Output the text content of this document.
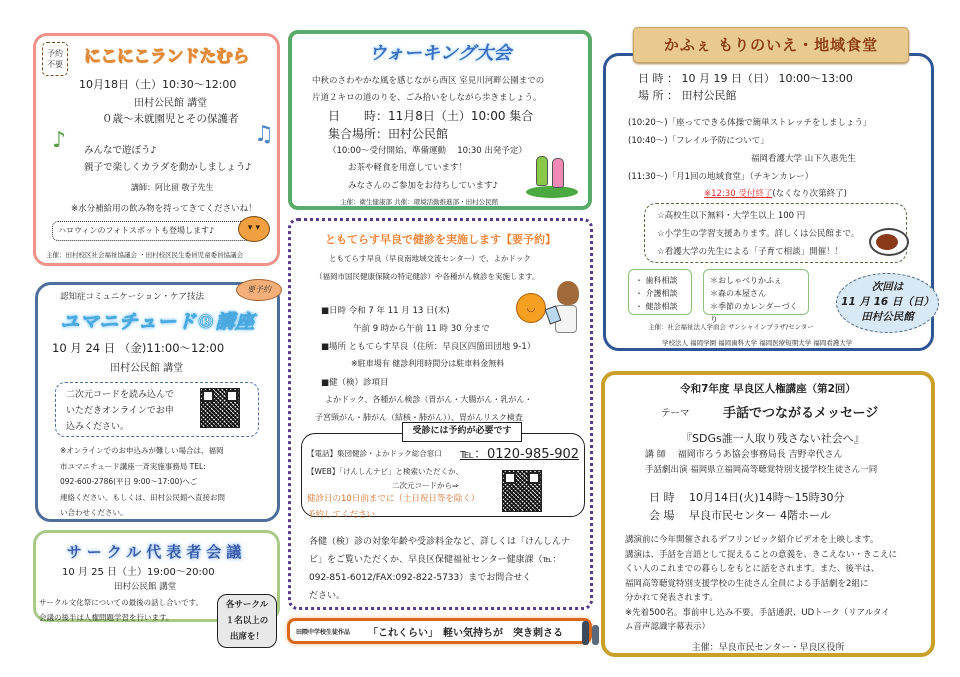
予約
不要 にこにこランドたむら
10月18日（土）10:30～12:00
田村公民館 講堂
０歳～未就園児とその保護者
♪	♫
みんなで遊ぼう♪
親子で楽しくカラダを動かしましょう♪
講師：阿比留 敬子先生
※水分補給用の飲み物を持ってきてくださいね！
ハロウィンのフォトスポットも登場します♪	▾ ▾
主催：田村校区社会福祉協議会 ・田村校区民生委員児童委員協議会
ウォーキング大会
中秋のさわやかな風を感じながら西区 室見川河畔公園までの
片道２キロの道のりを、ごみ拾いをしながら歩きましょう。
日　　時：11月8日（土）10:00 集合
集合場所：田村公民館
（10:00～受付開始、準備運動　 10:30 出発予定）
お茶や軽食を用意しています！
みなさんのご参加をお待ちしています♪
主催：衛生健康部 共催：環境活動推進部・田村公民館
日 時 ： 10 月 19 日（日） 10:00～13:00
場 所 ： 田村公民館
(10:20～)「座ってできる体操で簡単ストレッチをしましょう」
(10:40～)「フレイル予防について」
福岡看護大学 山下久恵先生
(11:30～)「月1回の地域食堂」（チキンカレー）
※12:30 受付終了(なくなり次第終了)
☆高校生以下無料・大学生以上 100 円
☆小学生の学習支援あります。詳しくは公民館まで。
☆看護大学の先生による「子育て相談」開催！！
・ 歯科相談
・ 介護相談
・ 健診相談
＊おしゃべりかふぇ
＊森の本屋さん
＊季節のカレンダーづくり
主催：社会福祉法人学而会 サンシャインプラザ/センター
学校法人 福岡学園 福岡歯科大学 福岡医療短期大学 福岡看護大学
かふぇ もりのいえ・地域食堂
次回は
11 月 16 日（日）
田村公民館
認知症コミュニケーション・ケア技法
ユマニチュード®講座
10 月 24 日 （金)11:00～12:00
田村公民館 講堂
二次元コードを読み込んで
いただきオンラインでお申
込みください。
※オンラインでのお申込みが難しい場合は、福岡
市ユマニチュード講座一斉実施事務局 TEL:
092-600-2786(平日 9:00～17:00)へご
連絡ください。もしくは、田村公民館へ直接お問
い合わせください。
要予約
サークル代表者会議
10 月 25 日（土）19:00～20:00
田村公民館 講堂
サークル文化祭についての最後の話し合いです。
会議の後半は人権問題学習を行います。
各サークル
１名以上の
出席を！
ともてらす早良で健診を実施します【要予約】
ともてらす早良（早良南地域交流センター）で、よかドック
（福岡市国民健康保険の特定健診）や各種がん検診を実施します。
■日時 令和 7 年 11 月 13 日(木)
午前 9 時から午前 11 時 30 分まで
■場所 ともてらす早良（住所：早良区四箇田団地 9-1）
※駐車場有 健診利用時間分は駐車料金無料
■健（検）診項目
よかドック、各種がん検診（胃がん・大腸がん・乳がん・
子宮頸がん・肺がん（結核・肺がん））、胃がんリスク検査
◡
受診には予約が必要です
【電話】集団健診・よかドック総合窓口 ℡：0120-985-902
【WEB】「けんしんナビ」と検索いただくか、
二次元コードから⇒
健診日の10日前までに（土日祝日等を除く）
予約してください
各健（検）診の対象年齢や受診料金など、詳しくは「けんしんナ
ビ」をご覧いただくか、早良区保健福祉センター健康課（℡：
092-851-6012/FAX:092-822-5733）までお問合せく
ださい。
田隈中学校生徒作品 「これくらい」　軽い気持ちが　突き刺さる
令和7年度 早良区人権講座（第2回）
テーマ	手話でつながるメッセージ
『SDGs誰一人取り残さない社会へ』
講 師　 福岡市ろうあ協会事務局長 吉野幸代さん
手話劇出演 福岡県立福岡高等聴覚特別支援学校生徒さん一同
日 時　 10月14日(火)14時～15時30分
会 場　 早良市民センター 4階ホール
講演前に今年開催されるデフリンピック紹介ビデオを上映します。
講演は、手話を言語として捉えることの意義を、きこえない・きこえに
くい人のこれまでの暮らしをもとに話をされます。また、後半は、
福岡高等聴覚特別支援学校の生徒さん全員による手話劇を2組に
分かれて発表されます。
※先着500名。事前申し込み不要。手話通訳、UDトーク（リアルタイ
ム音声認識字幕表示）
主催：早良市民センター・早良区役所
